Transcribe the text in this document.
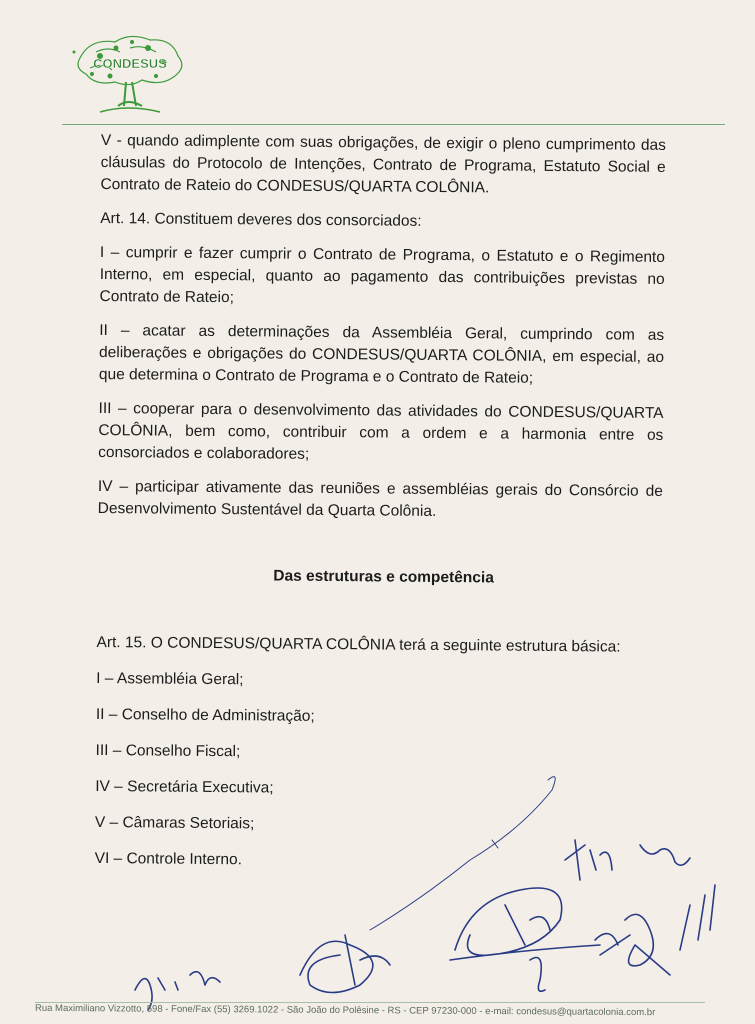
CONDESUS

V - quando adimplente com suas obrigações, de exigir o pleno cumprimento das cláusulas do Protocolo de Intenções, Contrato de Programa, Estatuto Social e Contrato de Rateio do CONDESUS/QUARTA COLÔNIA.

Art. 14. Constituem deveres dos consorciados:

I – cumprir e fazer cumprir o Contrato de Programa, o Estatuto e o Regimento Interno, em especial, quanto ao pagamento das contribuições previstas no Contrato de Rateio;

II – acatar as determinações da Assembléia Geral, cumprindo com as deliberações e obrigações do CONDESUS/QUARTA COLÔNIA, em especial, ao que determina o Contrato de Programa e o Contrato de Rateio;

III – cooperar para o desenvolvimento das atividades do CONDESUS/QUARTA COLÔNIA, bem como, contribuir com a ordem e a harmonia entre os consorciados e colaboradores;

IV – participar ativamente das reuniões e assembléias gerais do Consórcio de Desenvolvimento Sustentável da Quarta Colônia.

Das estruturas e competência

Art. 15. O CONDESUS/QUARTA COLÔNIA terá a seguinte estrutura básica:

I – Assembléia Geral;

II – Conselho de Administração;

III – Conselho Fiscal;

IV – Secretária Executiva;

V – Câmaras Setoriais;

VI – Controle Interno.

Rua Maximiliano Vizzotto, 598 - Fone/Fax (55) 3269.1022 - São João do Polêsine - RS - CEP 97230-000 - e-mail: condesus@quartacolonia.com.br
